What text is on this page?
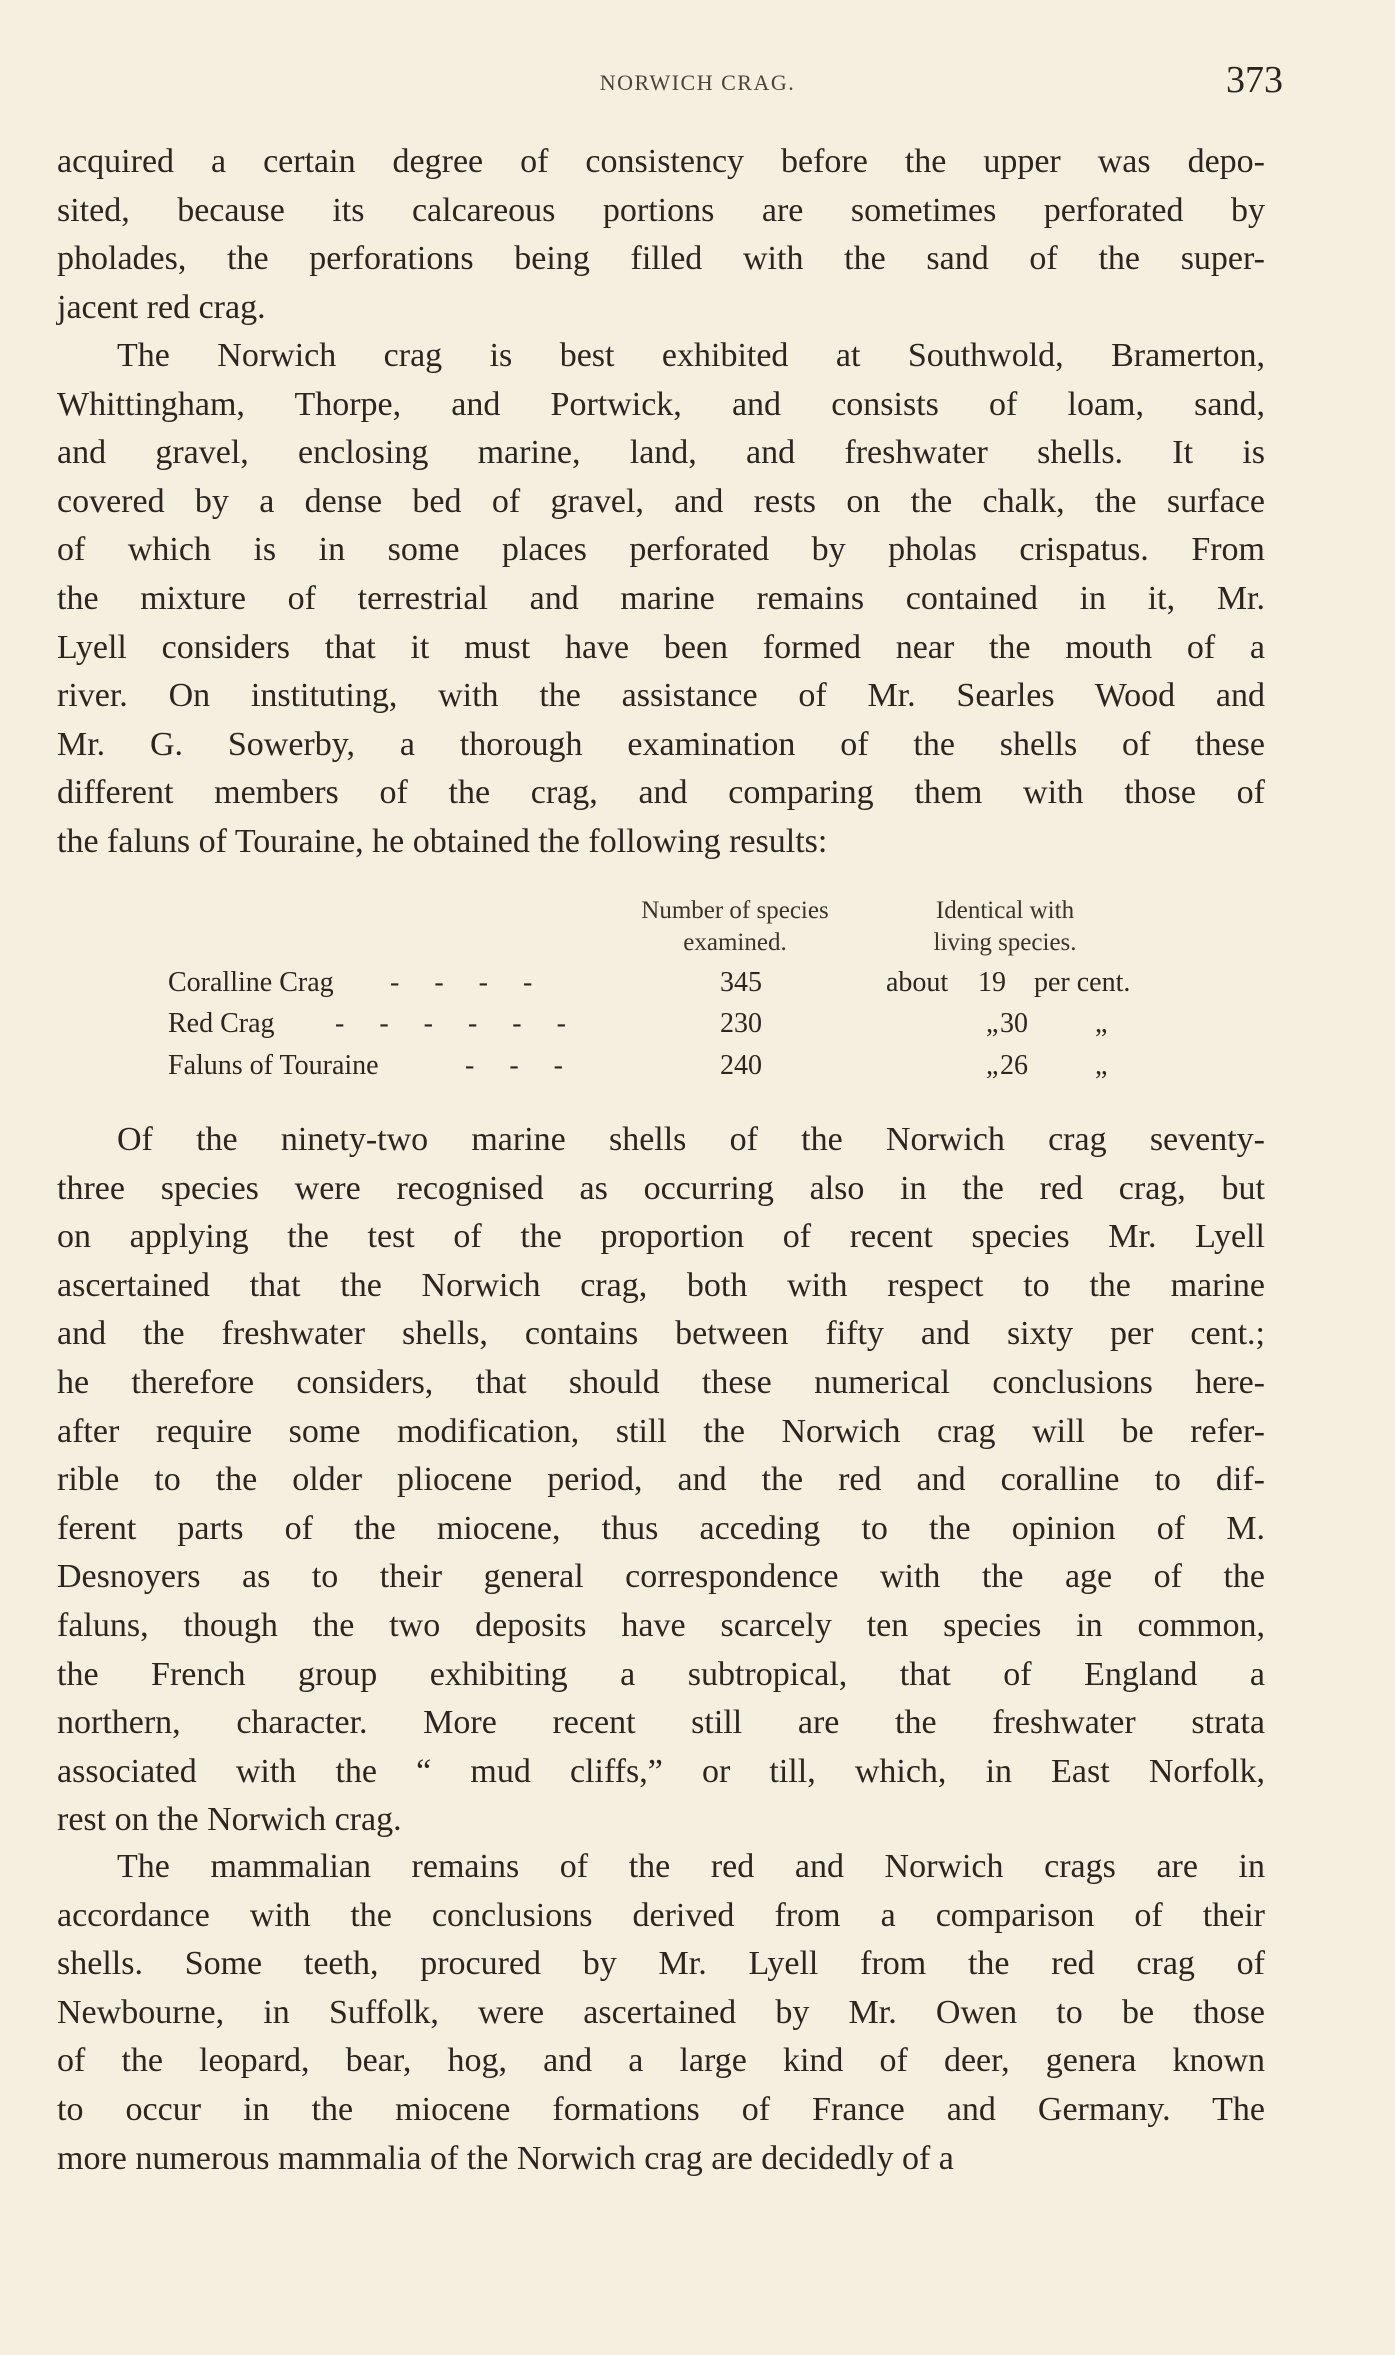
NORWICH CRAG.	373
acquired a certain degree of consistency before the upper was depo-
sited, because its calcareous portions are sometimes perforated by
pholades, the perforations being filled with the sand of the super-
jacent red crag.
The Norwich crag is best exhibited at Southwold, Bramerton,
Whittingham, Thorpe, and Portwick, and consists of loam, sand,
and gravel, enclosing marine, land, and freshwater shells. It is
covered by a dense bed of gravel, and rests on the chalk, the surface
of which is in some places perforated by pholas crispatus. From
the mixture of terrestrial and marine remains contained in it, Mr.
Lyell considers that it must have been formed near the mouth of a
river. On instituting, with the assistance of Mr. Searles Wood and
Mr. G. Sowerby, a thorough examination of the shells of these
different members of the crag, and comparing them with those of
the faluns of Touraine, he obtained the following results:
Number of species
examined.
Identical with
living species.
Coralline Crag -     -     -     -	345	about 19 per cent.
Red Crag -     -     -     -     -     -	230	„ 30 „
Faluns of Touraine	-     -     -	240	„ 26 „
Of the ninety-two marine shells of the Norwich crag seventy-
three species were recognised as occurring also in the red crag, but
on applying the test of the proportion of recent species Mr. Lyell
ascertained that the Norwich crag, both with respect to the marine
and the freshwater shells, contains between fifty and sixty per cent.;
he therefore considers, that should these numerical conclusions here-
after require some modification, still the Norwich crag will be refer-
rible to the older pliocene period, and the red and coralline to dif-
ferent parts of the miocene, thus acceding to the opinion of M.
Desnoyers as to their general correspondence with the age of the
faluns, though the two deposits have scarcely ten species in common,
the French group exhibiting a subtropical, that of England a
northern, character. More recent still are the freshwater strata
associated with the “ mud cliffs,” or till, which, in East Norfolk,
rest on the Norwich crag.
The mammalian remains of the red and Norwich crags are in
accordance with the conclusions derived from a comparison of their
shells. Some teeth, procured by Mr. Lyell from the red crag of
Newbourne, in Suffolk, were ascertained by Mr. Owen to be those
of the leopard, bear, hog, and a large kind of deer, genera known
to occur in the miocene formations of France and Germany. The
more numerous mammalia of the Norwich crag are decidedly of a
